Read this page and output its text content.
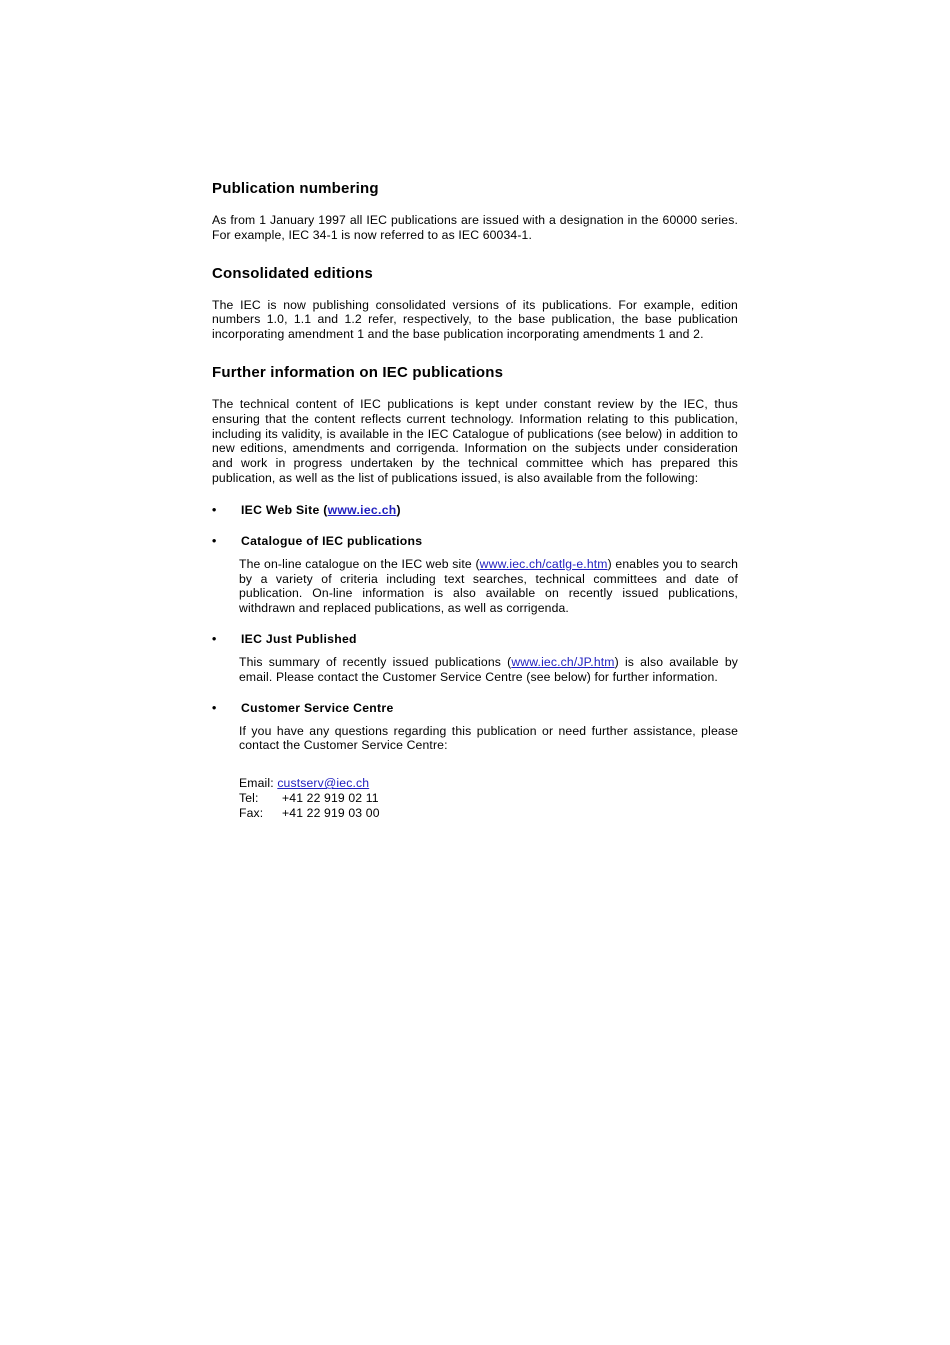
Publication numbering

As from 1 January 1997 all IEC publications are issued with a designation in the 60000 series. For example, IEC 34-1 is now referred to as IEC 60034-1.

Consolidated editions

The IEC is now publishing consolidated versions of its publications. For example, edition numbers 1.0, 1.1 and 1.2 refer, respectively, to the base publication, the base publication incorporating amendment 1 and the base publication incorporating amendments 1 and 2.

Further information on IEC publications

The technical content of IEC publications is kept under constant review by the IEC, thus ensuring that the content reflects current technology. Information relating to this publication, including its validity, is available in the IEC Catalogue of publications (see below) in addition to new editions, amendments and corrigenda. Information on the subjects under consideration and work in progress undertaken by the technical committee which has prepared this publication, as well as the list of publications issued, is also available from the following:

•	IEC Web Site (www.iec.ch)
•	Catalogue of IEC publications

The on-line catalogue on the IEC web site (www.iec.ch/catlg-e.htm) enables you to search by a variety of criteria including text searches, technical committees and date of publication. On-line information is also available on recently issued publications, withdrawn and replaced publications, as well as corrigenda.

•	IEC Just Published

This summary of recently issued publications (www.iec.ch/JP.htm) is also available by email. Please contact the Customer Service Centre (see below) for further information.

•	Customer Service Centre

If you have any questions regarding this publication or need further assistance, please contact the Customer Service Centre:

Email:
custserv@iec.ch
Tel:	+41 22 919 02 11
Fax:	+41 22 919 03 00
